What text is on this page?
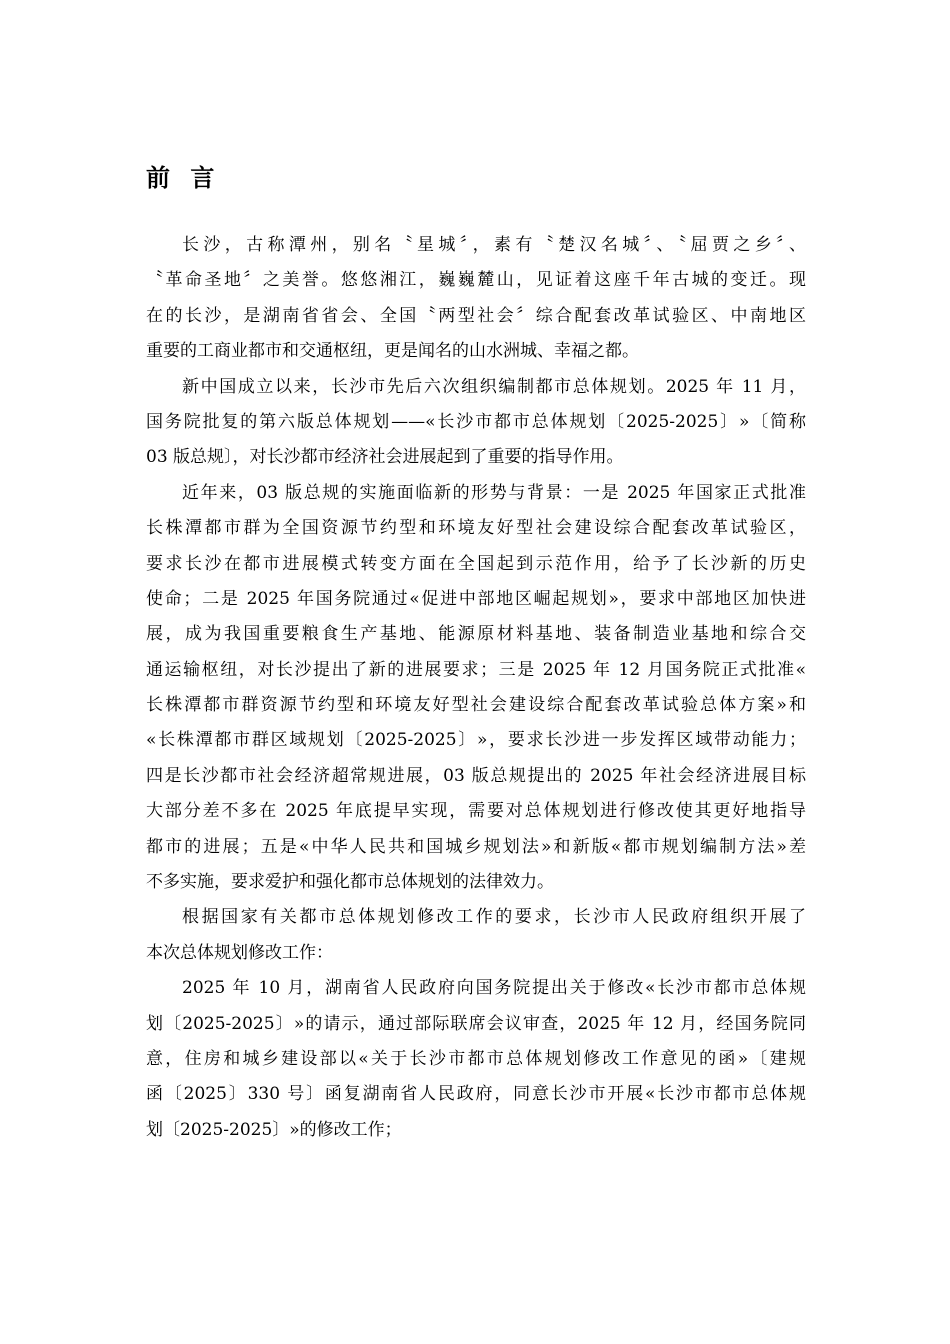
前 言
长沙，古称潭州，别名〝星城〞，素有〝楚汉名城〞、〝屈贾之乡〞、
〝革命圣地〞之美誉。悠悠湘江，巍巍麓山，见证着这座千年古城的变迁。现
在的长沙，是湖南省省会、全国〝两型社会〞综合配套改革试验区、中南地区
重要的工商业都市和交通枢纽，更是闻名的山水洲城、幸福之都。
新中国成立以来，长沙市先后六次组织编制都市总体规划。2025 年 11 月，
国务院批复的第六版总体规划——«长沙市都市总体规划〔2025-2025〕»〔简称
03 版总规〕，对长沙都市经济社会进展起到了重要的指导作用。
近年来，03 版总规的实施面临新的形势与背景：一是 2025 年国家正式批准
长株潭都市群为全国资源节约型和环境友好型社会建设综合配套改革试验区，
要求长沙在都市进展模式转变方面在全国起到示范作用，给予了长沙新的历史
使命；二是 2025 年国务院通过«促进中部地区崛起规划»，要求中部地区加快进
展，成为我国重要粮食生产基地、能源原材料基地、装备制造业基地和综合交
通运输枢纽，对长沙提出了新的进展要求；三是 2025 年 12 月国务院正式批准«
长株潭都市群资源节约型和环境友好型社会建设综合配套改革试验总体方案»和
«长株潭都市群区域规划〔2025-2025〕»，要求长沙进一步发挥区域带动能力；
四是长沙都市社会经济超常规进展，03 版总规提出的 2025 年社会经济进展目标
大部分差不多在 2025 年底提早实现，需要对总体规划进行修改使其更好地指导
都市的进展；五是«中华人民共和国城乡规划法»和新版«都市规划编制方法»差
不多实施，要求爱护和强化都市总体规划的法律效力。
根据国家有关都市总体规划修改工作的要求，长沙市人民政府组织开展了
本次总体规划修改工作：
2025 年 10 月，湖南省人民政府向国务院提出关于修改«长沙市都市总体规
划〔2025-2025〕»的请示，通过部际联席会议审查，2025 年 12 月，经国务院同
意，住房和城乡建设部以«关于长沙市都市总体规划修改工作意见的函»〔建规
函〔2025〕330 号〕函复湖南省人民政府，同意长沙市开展«长沙市都市总体规
划〔2025-2025〕»的修改工作；
